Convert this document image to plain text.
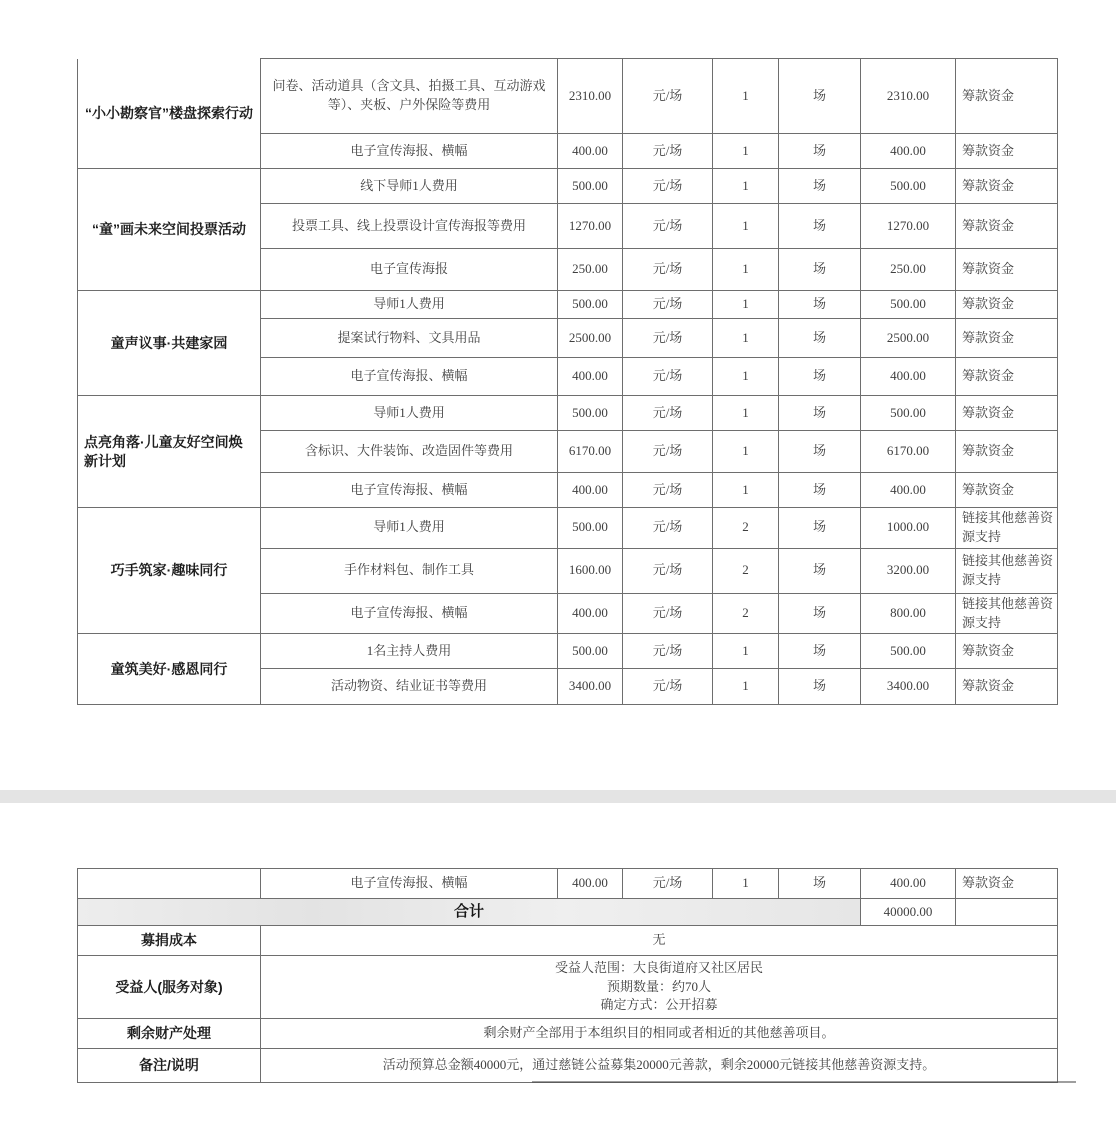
“小小勘察官”楼盘探索行动	问卷、活动道具（含文具、拍摄工具、互动游戏等）、夹板、户外保险等费用	2310.00	元/场	1	场	2310.00	筹款资金
	电子宣传海报、横幅	400.00	元/场	1	场	400.00	筹款资金
“童”画未来空间投票活动	线下导师1人费用	500.00	元/场	1	场	500.00	筹款资金
	投票工具、线上投票设计宣传海报等费用	1270.00	元/场	1	场	1270.00	筹款资金
	电子宣传海报	250.00	元/场	1	场	250.00	筹款资金
童声议事·共建家园	导师1人费用	500.00	元/场	1	场	500.00	筹款资金
	提案试行物料、文具用品	2500.00	元/场	1	场	2500.00	筹款资金
	电子宣传海报、横幅	400.00	元/场	1	场	400.00	筹款资金
点亮角落·儿童友好空间焕新计划	导师1人费用	500.00	元/场	1	场	500.00	筹款资金
	含标识、大件装饰、改造固件等费用	6170.00	元/场	1	场	6170.00	筹款资金
	电子宣传海报、横幅	400.00	元/场	1	场	400.00	筹款资金
巧手筑家·趣味同行	导师1人费用	500.00	元/场	2	场	1000.00	链接其他慈善资源支持
	手作材料包、制作工具	1600.00	元/场	2	场	3200.00	链接其他慈善资源支持
	电子宣传海报、横幅	400.00	元/场	2	场	800.00	链接其他慈善资源支持
童筑美好·感恩同行	1名主持人费用	500.00	元/场	1	场	500.00	筹款资金
	活动物资、结业证书等费用	3400.00	元/场	1	场	3400.00	筹款资金
	电子宣传海报、横幅	400.00	元/场	1	场	400.00	筹款资金
合计						40000.00	
募捐成本	无						
受益人(服务对象)	受益人范围：大良街道府又社区居民
预期数量：约70人
确定方式：公开招募						

剩余财产处理	剩余财产全部用于本组织目的相同或者相近的其他慈善项目。						
备注/说明	活动预算总金额40000元，通过慈链公益募集20000元善款，剩余20000元链接其他慈善资源支持。						
